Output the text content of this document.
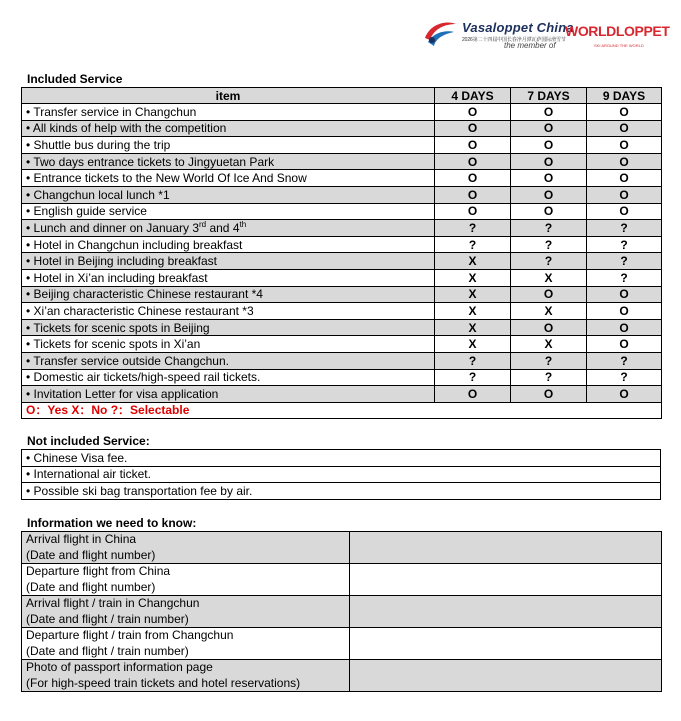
Vasaloppet China
2026第二十四届中国长春净月潭瓦萨国际滑雪节
the member of
WORLDLOPPET
SKI AROUND THE WORLD
Included Service
item	4 DAYS	7 DAYS	9 DAYS
• Transfer service in Changchun	O	O	O
• All kinds of help with the competition	O	O	O
• Shuttle bus during the trip	O	O	O
• Two days entrance tickets to Jingyuetan Park	O	O	O
• Entrance tickets to the New World Of Ice And Snow	O	O	O
• Changchun local lunch *1	O	O	O
• English guide service	O	O	O
• Lunch and dinner on January 3rd and 4th	?	?	?
• Hotel in Changchun including breakfast	?	?	?
• Hotel in Beijing including breakfast	X	?	?
• Hotel in Xi’an including breakfast	X	X	?
• Beijing characteristic Chinese restaurant *4	X	O	O
• Xi’an characteristic Chinese restaurant *3	X	X	O
• Tickets for scenic spots in Beijing	X	O	O
• Tickets for scenic spots in Xi’an	X	X	O
• Transfer service outside Changchun.	?	?	?
• Domestic air tickets/high-speed rail tickets.	?	?	?
• Invitation Letter for visa application	O	O	O
O：Yes X：No ?：Selectable			
Not included Service:
• Chinese Visa fee.
• International air ticket.
• Possible ski bag transportation fee by air.
Information we need to know:
Arrival flight in China
(Date and flight number)	
Departure flight from China
(Date and flight number)	
Arrival flight / train in Changchun
(Date and flight / train number)	
Departure flight / train from Changchun
(Date and flight / train number)	
Photo of passport information page
(For high-speed train tickets and hotel reservations)	
